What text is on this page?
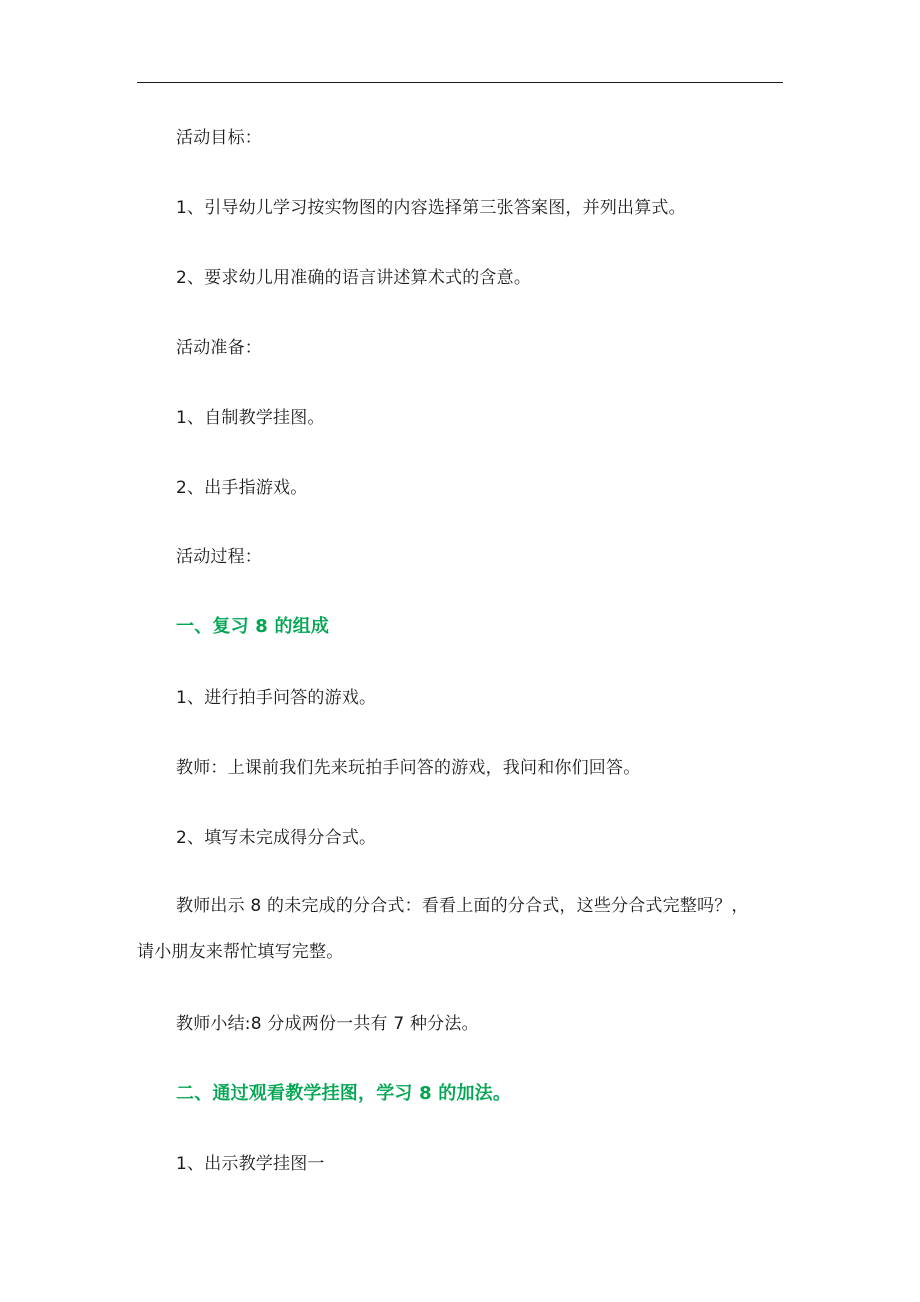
活动目标：
1、引导幼儿学习按实物图的内容选择第三张答案图，并列出算式。
2、要求幼儿用准确的语言讲述算术式的含意。
活动准备：
1、自制教学挂图。
2、出手指游戏。
活动过程：
一、复习 8 的组成
1、进行拍手问答的游戏。
教师：上课前我们先来玩拍手问答的游戏，我问和你们回答。
2、填写未完成得分合式。
教师出示 8 的未完成的分合式：看看上面的分合式，这些分合式完整吗？，
请小朋友来帮忙填写完整。
教师小结:8 分成两份一共有 7 种分法。
二、通过观看教学挂图，学习 8 的加法。
1、出示教学挂图一
